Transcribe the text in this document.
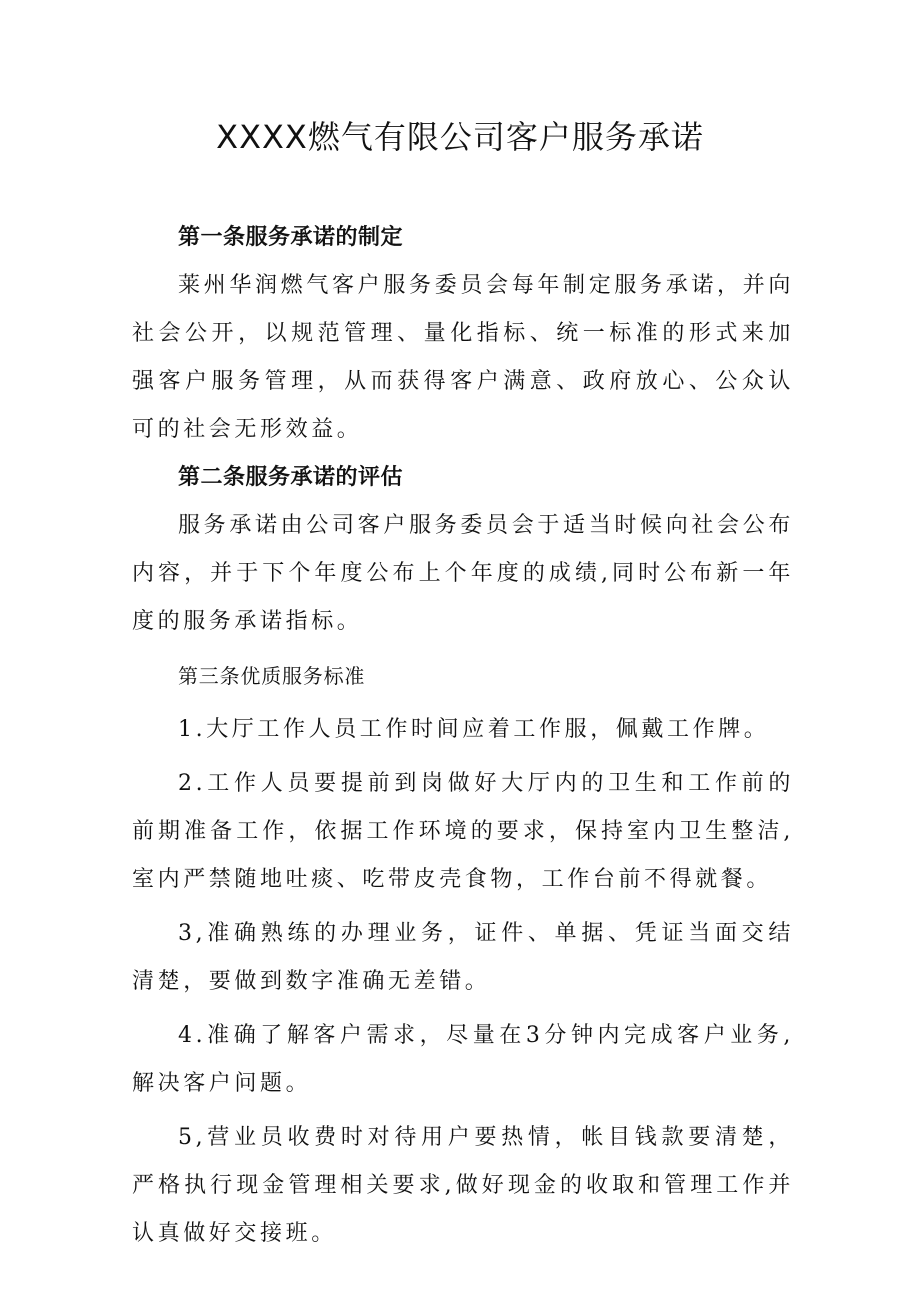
XXXX燃气有限公司客户服务承诺

第一条服务承诺的制定

莱州华润燃气客户服务委员会每年制定服务承诺，并向社会公开，以规范管理、量化指标、统一标准的形式来加强客户服务管理，从而获得客户满意、政府放心、公众认可的社会无形效益。

第二条服务承诺的评估

服务承诺由公司客户服务委员会于适当时候向社会公布内容，并于下个年度公布上个年度的成绩,同时公布新一年度的服务承诺指标。

第三条优质服务标准

1.大厅工作人员工作时间应着工作服，佩戴工作牌。

2.工作人员要提前到岗做好大厅内的卫生和工作前的前期准备工作，依据工作环境的要求，保持室内卫生整洁,室内严禁随地吐痰、吃带皮壳食物，工作台前不得就餐。

3,准确熟练的办理业务，证件、单据、凭证当面交结清楚，要做到数字准确无差错。

4.准确了解客户需求，尽量在3分钟内完成客户业务,解决客户问题。

5,营业员收费时对待用户要热情，帐目钱款要清楚，严格执行现金管理相关要求,做好现金的收取和管理工作并认真做好交接班。
